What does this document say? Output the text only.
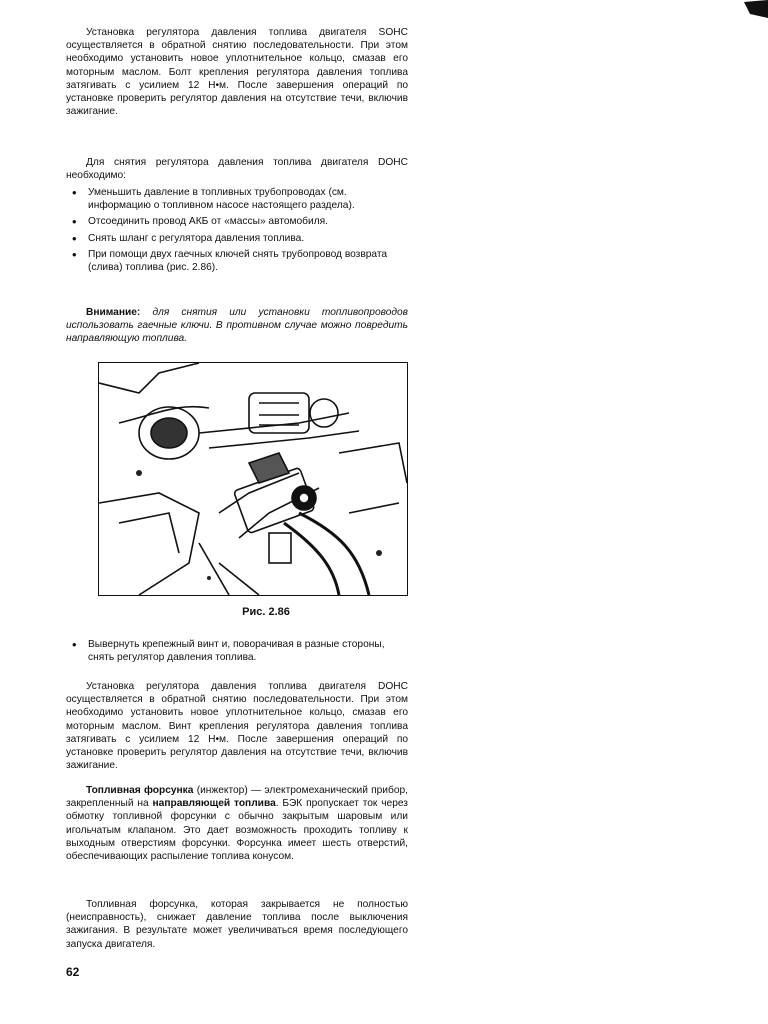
Установка регулятора давления топлива двигателя SOHC осуществляется в обратной снятию последовательности. При этом необходимо установить новое уплотнительное кольцо, смазав его моторным маслом. Болт крепления регулятора давления топлива затягивать с усилием 12 Н•м. После завершения операций по установке проверить регулятор давления на отсутствие течи, включив зажигание.

Для снятия регулятора давления топлива двигателя DOHC необходимо:

• Уменьшить давление в топливных трубопроводах (см. информацию о топливном насосе настоящего раздела).
• Отсоединить провод АКБ от «массы» автомобиля.
• Снять шланг с регулятора давления топлива.
• При помощи двух гаечных ключей снять трубопровод возврата (слива) топлива (рис. 2.86).

Внимание: для снятия или установки топливопроводов использовать гаечные ключи. В противном случае можно повредить направляющую топлива.

Рис. 2.86
• Вывернуть крепежный винт и, поворачивая в разные стороны, снять регулятор давления топлива.

Установка регулятора давления топлива двигателя DOHC осуществляется в обратной снятию последовательности. При этом необходимо установить новое уплотнительное кольцо, смазав его моторным маслом. Винт крепления регулятора давления топлива затягивать с усилием 12 Н•м. После завершения операций по установке проверить регулятор давления на отсутствие течи, включив зажигание.

Топливная форсунка (инжектор) — электромеханический прибор, закрепленный на направляющей топлива. БЭК пропускает ток через обмотку топливной форсунки с обычно закрытым шаровым или игольчатым клапаном. Это дает возможность проходить топливу к выходным отверстиям форсунки. Форсунка имеет шесть отверстий, обеспечивающих распыление топлива конусом.

Топливная форсунка, которая закрывается не полностью (неисправность), снижает давление топлива после выключения зажигания. В результате может увеличиваться время последующего запуска двигателя.

62
